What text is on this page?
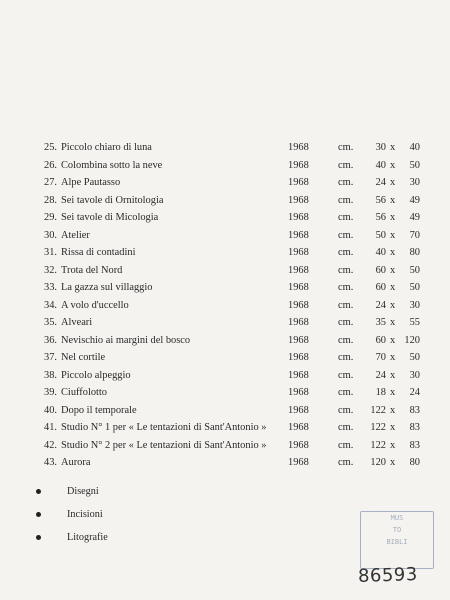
25. Piccolo chiaro di luna	1968	cm.	30 x	40
26. Colombina sotto la neve	1968	cm.	40 x	50
27. Alpe Pautasso	1968	cm.	24 x	30
28. Sei tavole di Ornitologia	1968	cm.	56 x	49
29. Sei tavole di Micologia	1968	cm.	56 x	49
30. Atelier	1968	cm.	50 x	70
31. Rissa di contadini	1968	cm.	40 x	80
32. Trota del Nord	1968	cm.	60 x	50
33. La gazza sul villaggio	1968	cm.	60 x	50
34. A volo d'uccello	1968	cm.	24 x	30
35. Alveari	1968	cm.	35 x	55
36. Nevischio ai margini del bosco	1968	cm.	60 x 120
37. Nel cortile	1968	cm.	70 x	50
38. Piccolo alpeggio	1968	cm.	24 x	30
39. Ciuffolotto	1968	cm.	18 x	24
40. Dopo il temporale	1968	cm. 122 x	83
41. Studio N° 1 per « Le tentazioni di Sant'Antonio » 1968	cm. 122 x	83
42. Studio N° 2 per « Le tentazioni di Sant'Antonio » 1968	cm. 122 x	83
43. Aurora	1968	cm. 120 x	80
Disegni
Incisioni
Litografie
MUS
TO
BIBLI
86593
